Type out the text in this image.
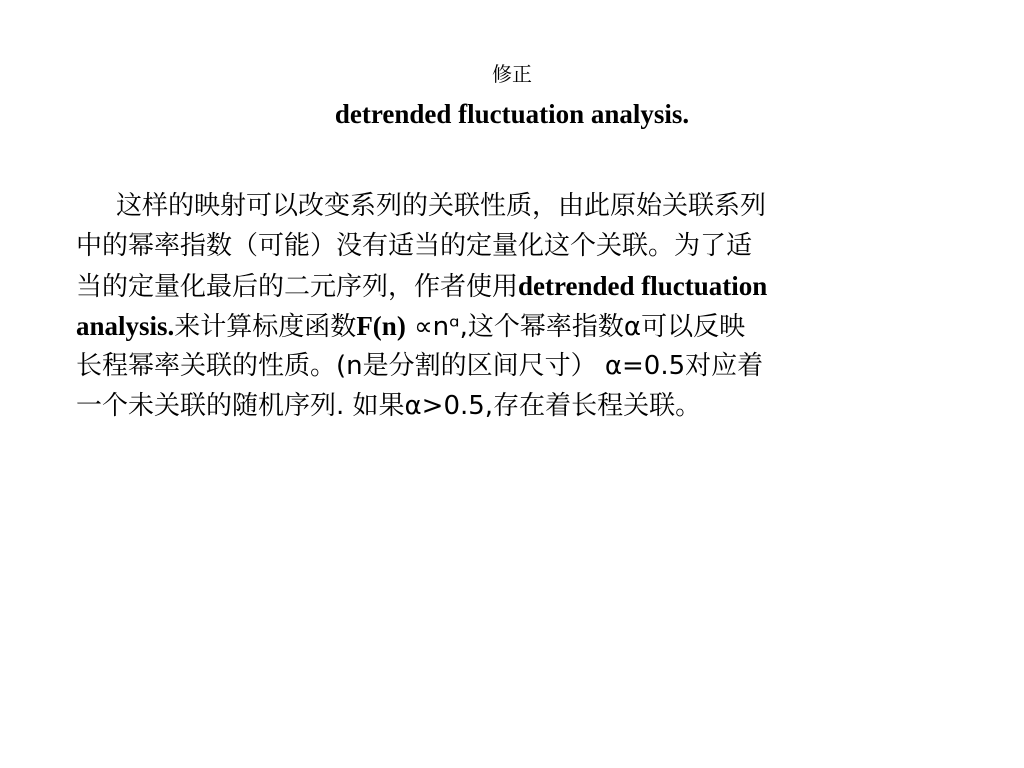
修正
detrended fluctuation analysis.
这样的映射可以改变系列的关联性质，由此原始关联系列
中的幂率指数（可能）没有适当的定量化这个关联。为了适
当的定量化最后的二元序列，作者使用detrended fluctuation
analysis.来计算标度函数F(n) ∝nᵅ,这个幂率指数α可以反映
长程幂率关联的性质。(n是分割的区间尺寸） α=0.5对应着
一个未关联的随机序列. 如果α>0.5,存在着长程关联。
